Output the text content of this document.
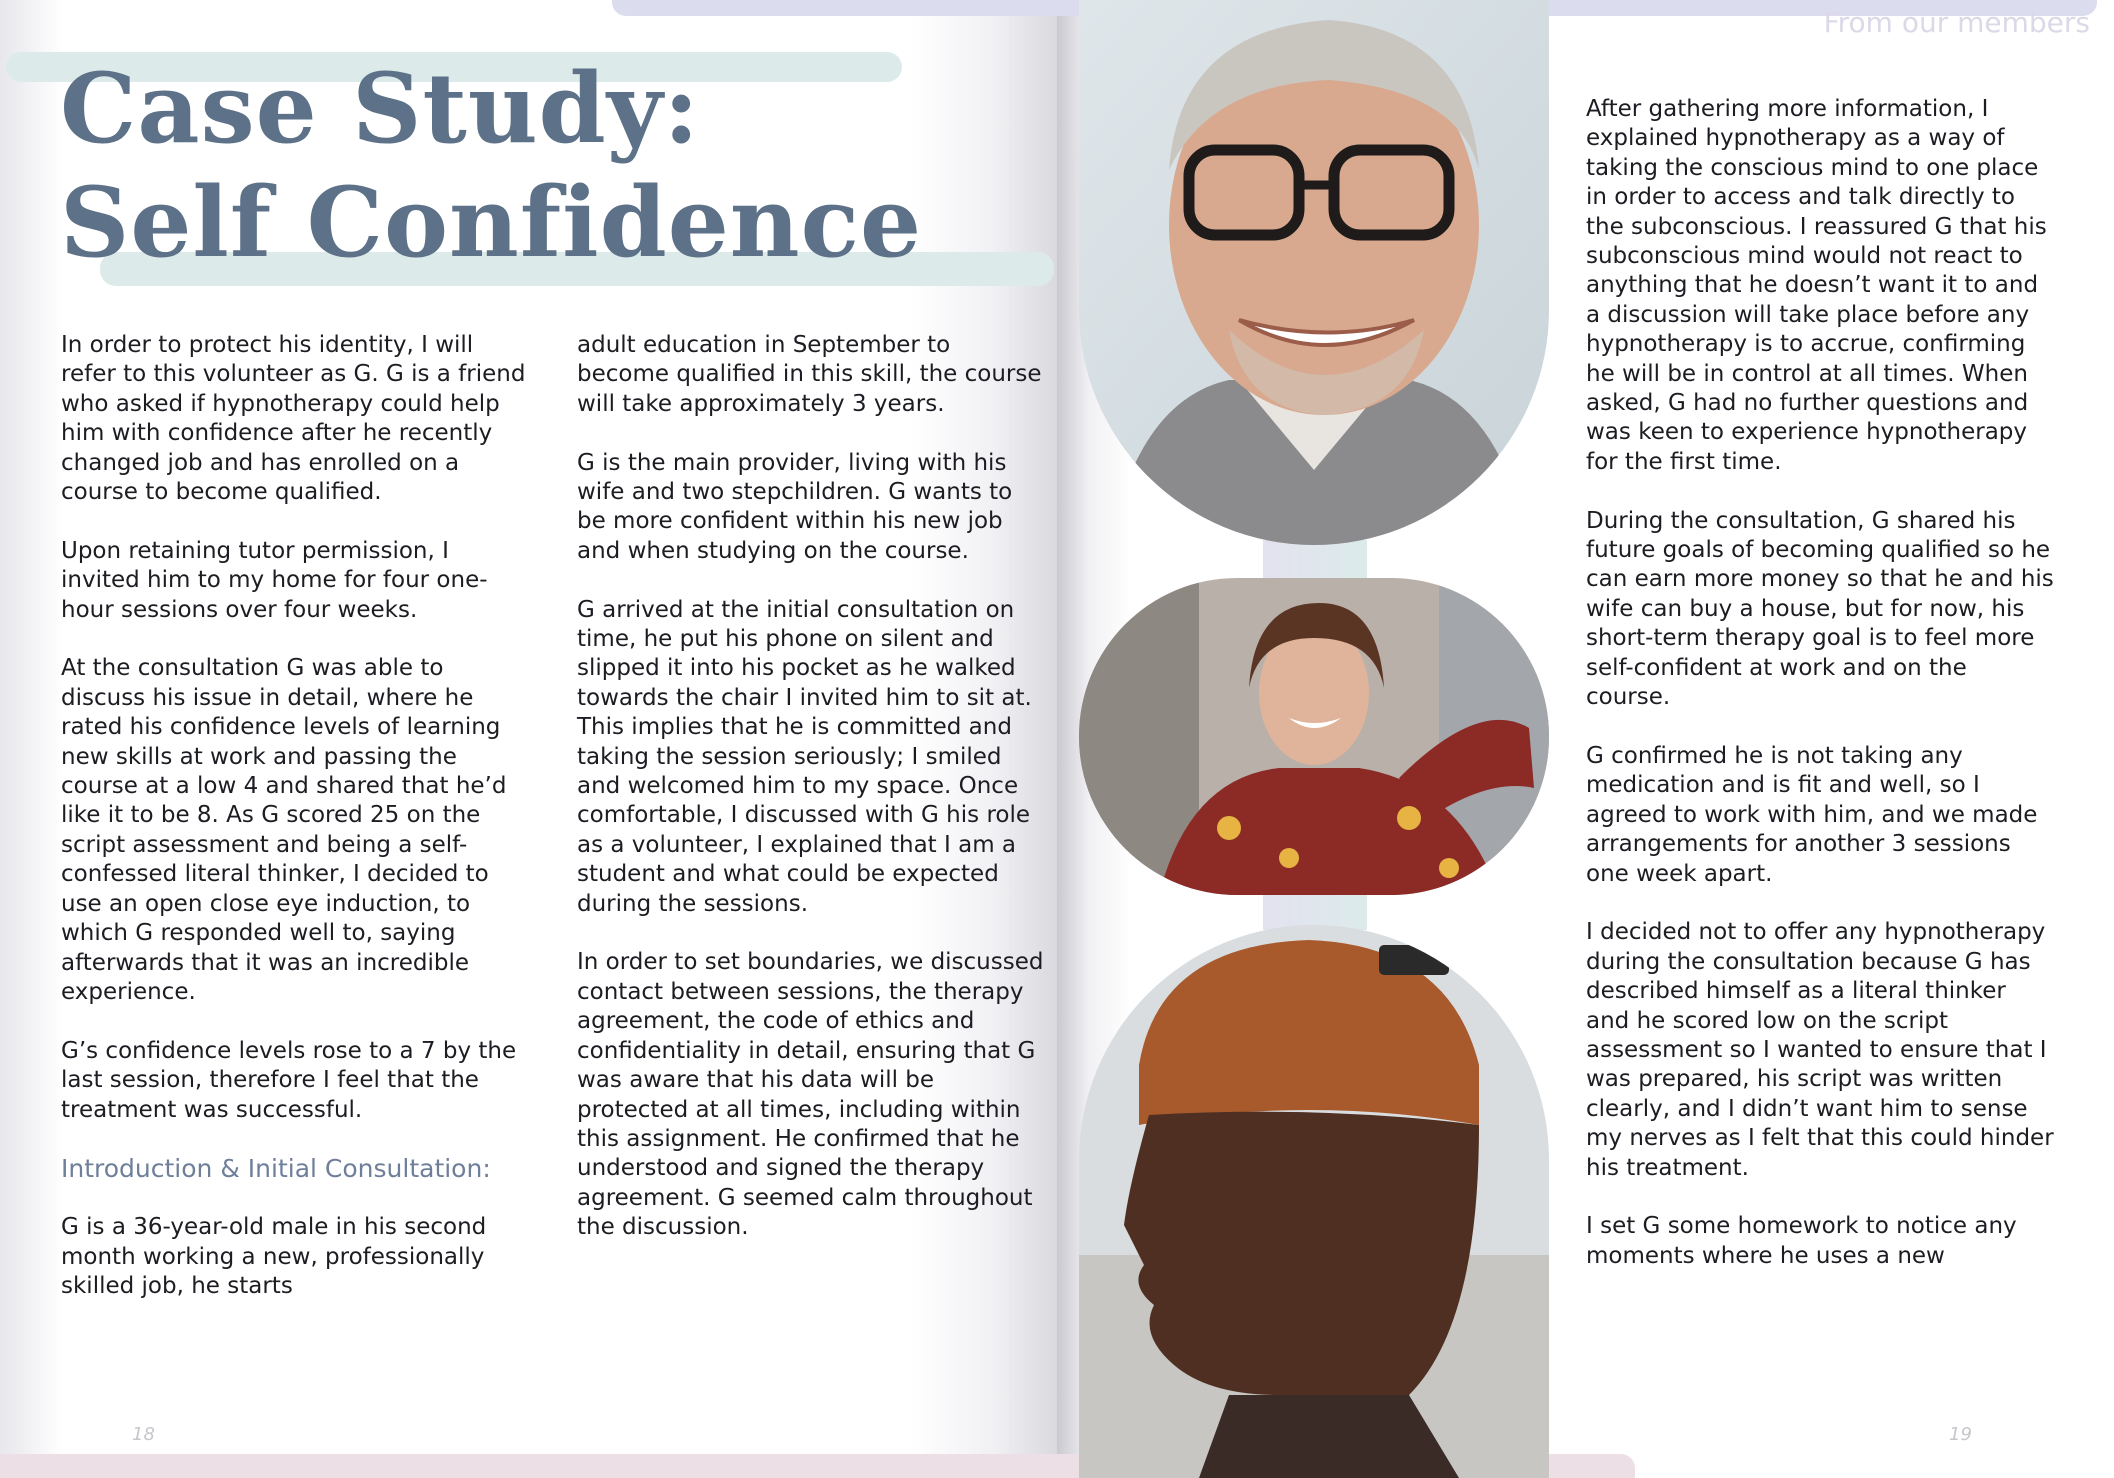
Case Study:
Self Confidence

In order to protect his identity, I will refer to this volunteer as G. G is a friend who asked if hypnotherapy could help him with confidence after he recently changed job and has enrolled on a course to become qualified.

Upon retaining tutor permission, I invited him to my home for four one-hour sessions over four weeks.

At the consultation G was able to discuss his issue in detail, where he rated his confidence levels of learning new skills at work and passing the course at a low 4 and shared that he’d like it to be 8. As G scored 25 on the script assessment and being a self-confessed literal thinker, I decided to use an open close eye induction, to which G responded well to, saying afterwards that it was an incredible experience.

G’s confidence levels rose to a 7 by the last session, therefore I feel that the treatment was successful.

Introduction & Initial Consultation:

G is a 36-year-old male in his second month working a new, professionally skilled job, he starts

adult education in September to become qualified in this skill, the course will take approximately 3 years.

G is the main provider, living with his wife and two stepchildren. G wants to be more confident within his new job and when studying on the course.

G arrived at the initial consultation on time, he put his phone on silent and slipped it into his pocket as he walked towards the chair I invited him to sit at. This implies that he is committed and taking the session seriously; I smiled and welcomed him to my space. Once comfortable, I discussed with G his role as a volunteer, I explained that I am a student and what could be expected during the sessions.

In order to set boundaries, we discussed contact between sessions, the therapy agreement, the code of ethics and confidentiality in detail, ensuring that G was aware that his data will be protected at all times, including within this assignment. He confirmed that he understood and signed the therapy agreement. G seemed calm throughout the discussion.

18
From our members

After gathering more information, I explained hypnotherapy as a way of taking the conscious mind to one place in order to access and talk directly to the subconscious. I reassured G that his subconscious mind would not react to anything that he doesn’t want it to and a discussion will take place before any hypnotherapy is to accrue, confirming he will be in control at all times. When asked, G had no further questions and was keen to experience hypnotherapy for the first time.

During the consultation, G shared his future goals of becoming qualified so he can earn more money so that he and his wife can buy a house, but for now, his short-term therapy goal is to feel more self-confident at work and on the course.

G confirmed he is not taking any medication and is fit and well, so I agreed to work with him, and we made arrangements for another 3 sessions one week apart.

I decided not to offer any hypnotherapy during the consultation because G has described himself as a literal thinker and he scored low on the script assessment so I wanted to ensure that I was prepared, his script was written clearly, and I didn’t want him to sense my nerves as I felt that this could hinder his treatment.

I set G some homework to notice any moments where he uses a new

19
